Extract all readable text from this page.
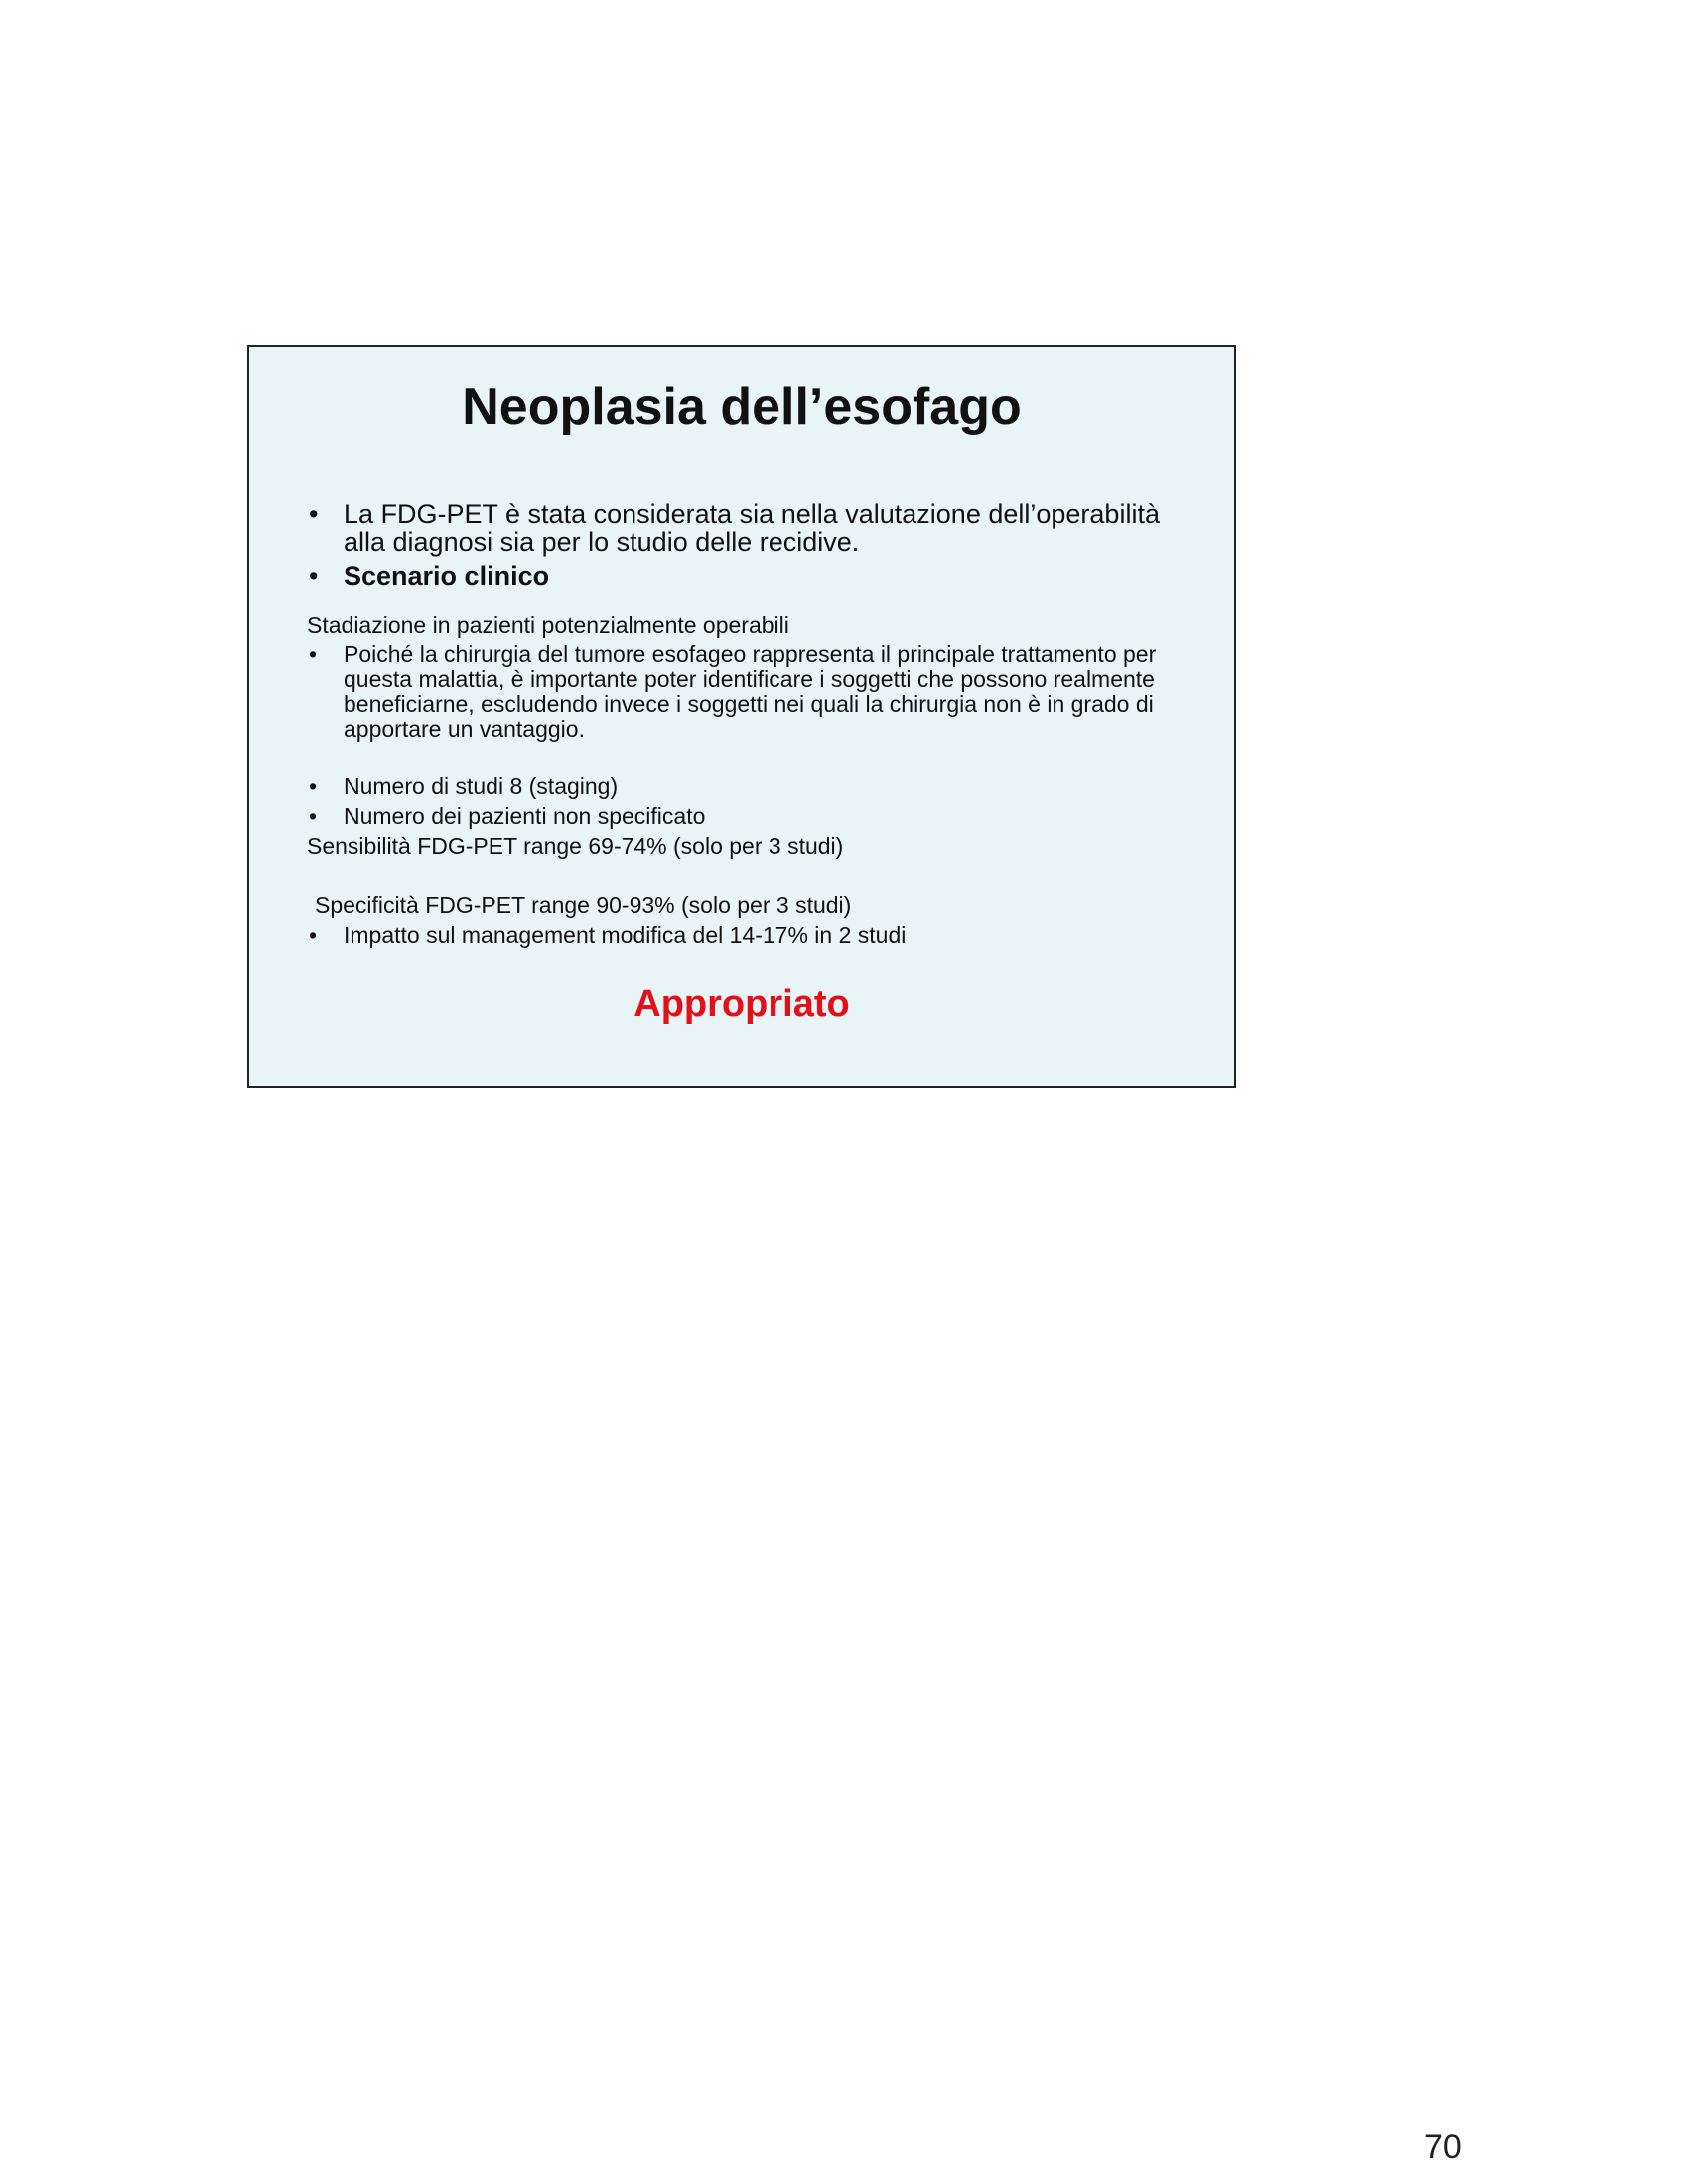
Neoplasia dell’esofago
• La FDG-PET è stata considerata sia nella valutazione dell’operabilità alla diagnosi sia per lo studio delle recidive.
• Scenario clinico
Stadiazione in pazienti potenzialmente operabili
• Poiché la chirurgia del tumore esofageo rappresenta il principale trattamento per questa malattia, è importante poter identificare i soggetti che possono realmente beneficiarne, escludendo invece i soggetti nei quali la chirurgia non è in grado di apportare un vantaggio.
• Numero di studi 8 (staging)
• Numero dei pazienti non specificato
Sensibilità FDG-PET range 69-74% (solo per 3 studi)
Specificità FDG-PET range 90-93% (solo per 3 studi)
• Impatto sul management modifica del 14-17% in 2 studi
Appropriato
70
